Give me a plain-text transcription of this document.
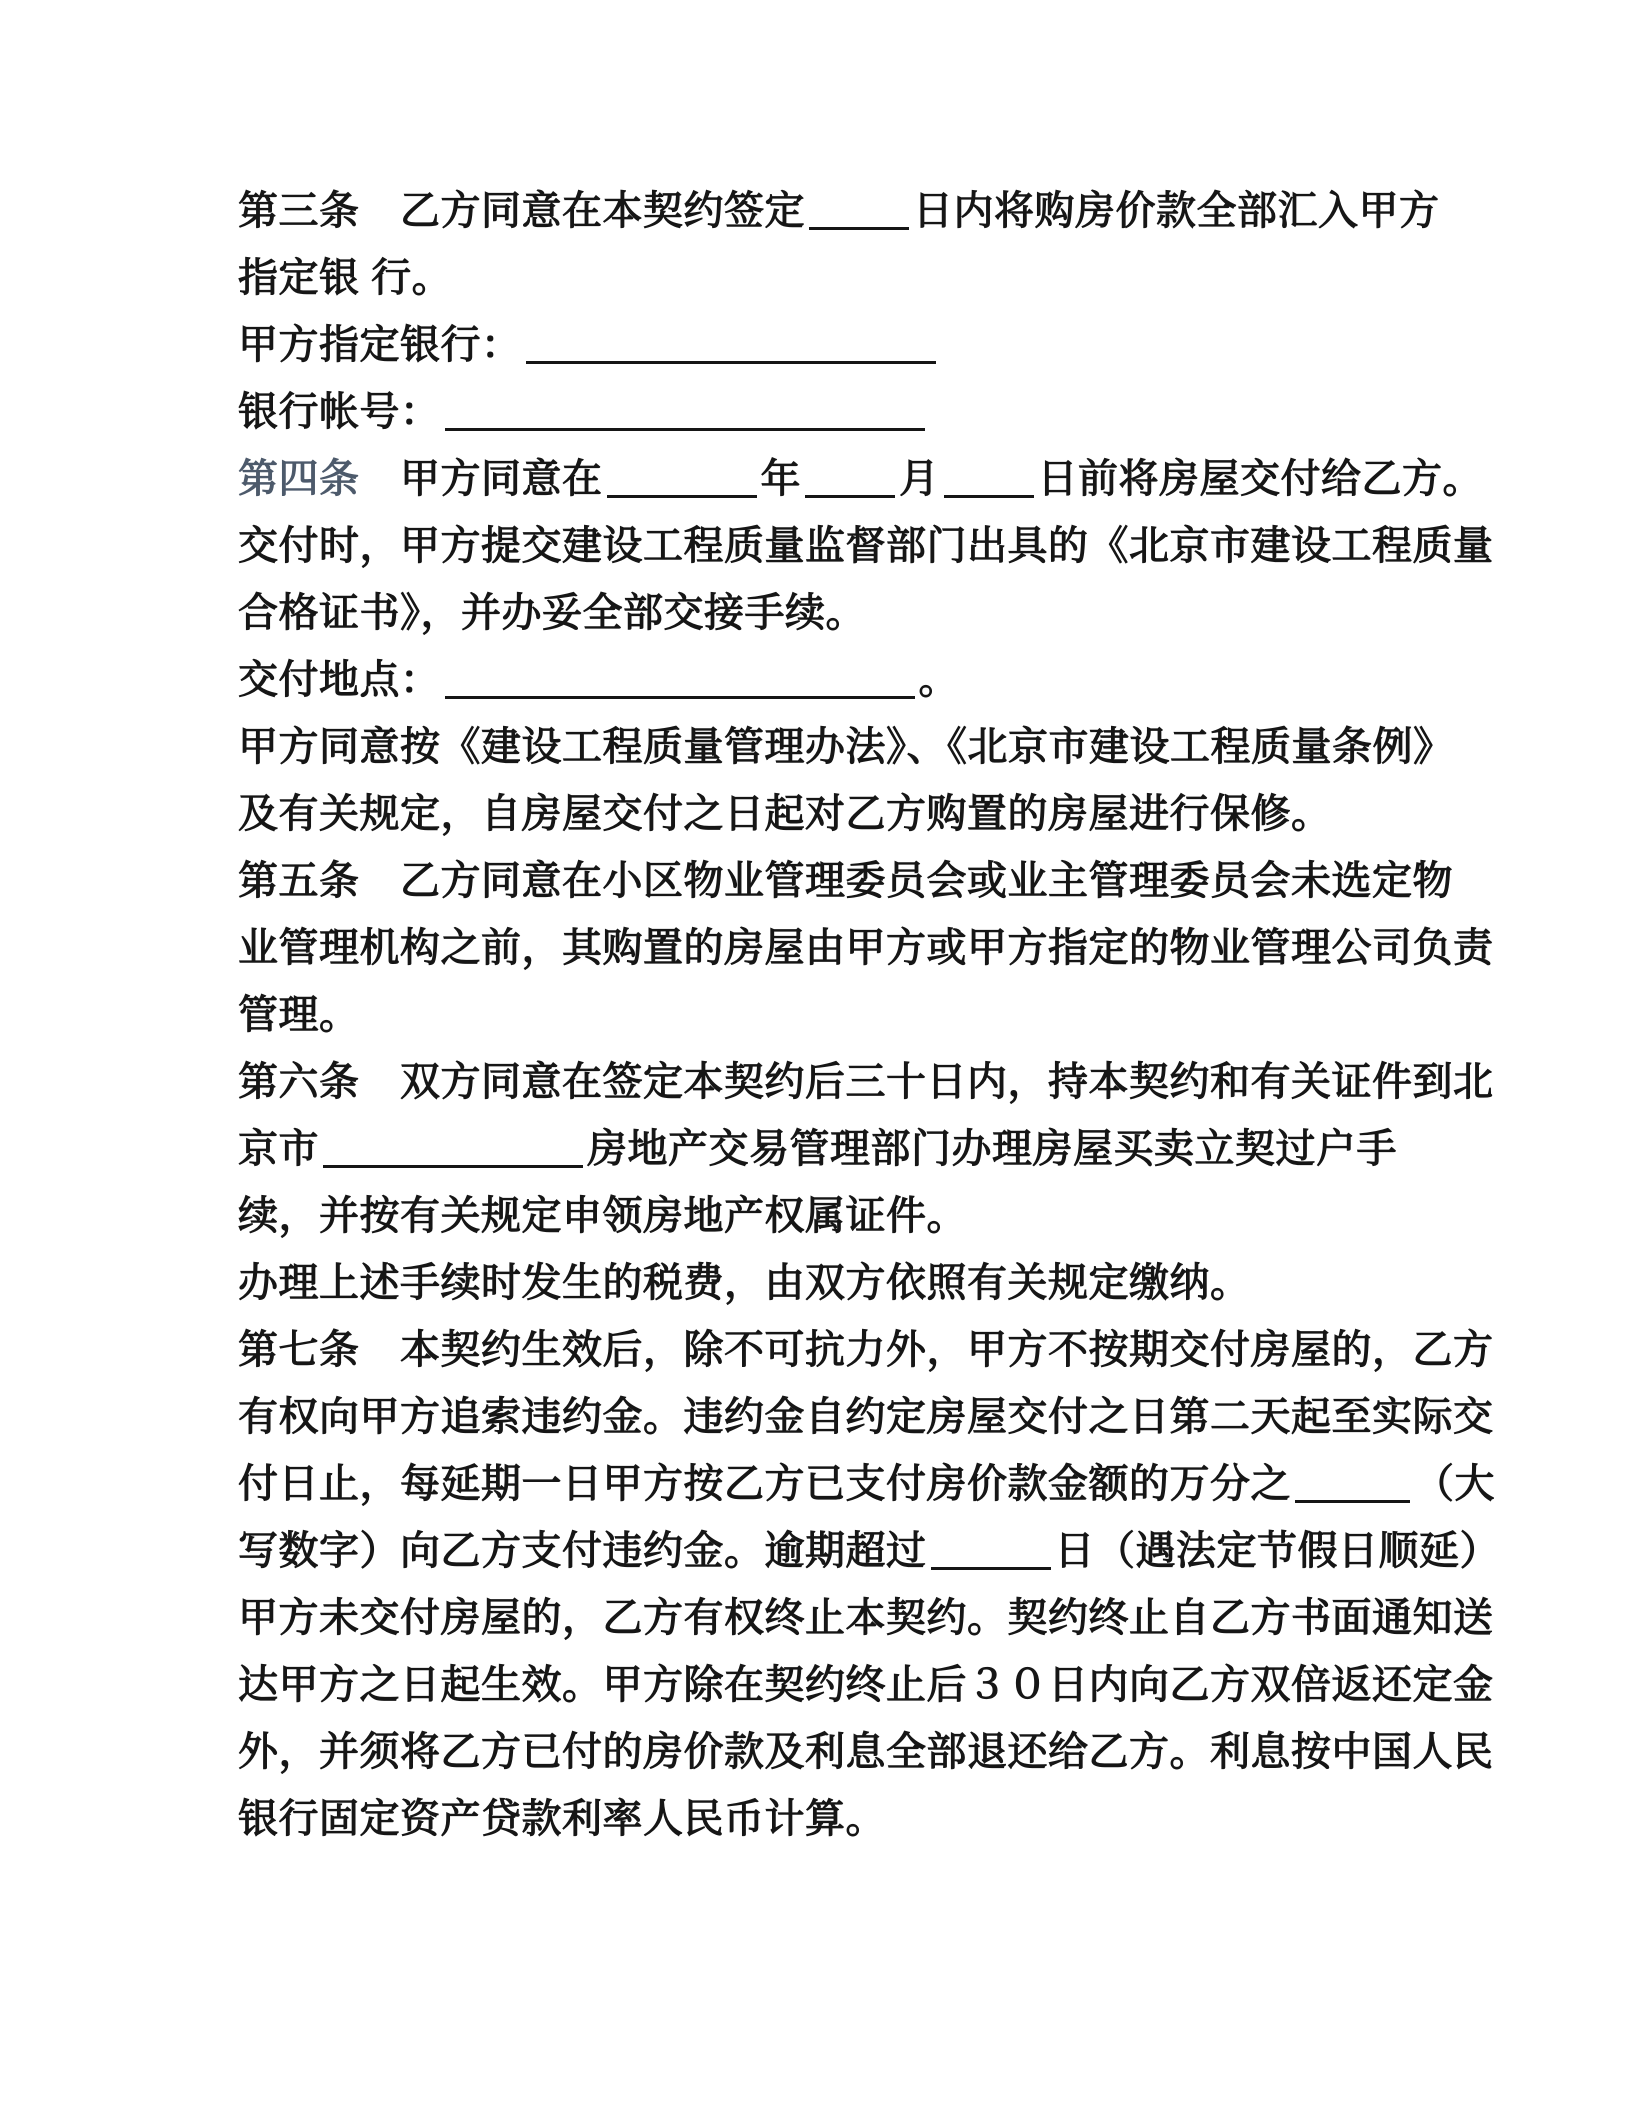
第三条　乙方同意在本契约签定	日内将购房价款全部汇入甲方
指定银 行。
甲方指定银行：
银行帐号：
第四条　甲方同意在	年 月 日前将房屋交付给乙方。
交付时，甲方提交建设工程质量监督部门出具的《北京市建设工程质量
合格证书》，并办妥全部交接手续。
交付地点：	。
甲方同意按《建设工程质量管理办法》、《北京市建设工程质量条例》
及有关规定，自房屋交付之日起对乙方购置的房屋进行保修。
第五条　乙方同意在小区物业管理委员会或业主管理委员会未选定物
业管理机构之前，其购置的房屋由甲方或甲方指定的物业管理公司负责
管理。
第六条　双方同意在签定本契约后三十日内，持本契约和有关证件到北
京市	房地产交易管理部门办理房屋买卖立契过户手
续，并按有关规定申领房地产权属证件。
办理上述手续时发生的税费，由双方依照有关规定缴纳。
第七条　本契约生效后，除不可抗力外，甲方不按期交付房屋的，乙方
有权向甲方追索违约金。违约金自约定房屋交付之日第二天起至实际交
付日止，每延期一日甲方按乙方已支付房价款金额的万分之	（大
写数字）向乙方支付违约金。逾期超过	日（遇法定节假日顺延）
甲方未交付房屋的，乙方有权终止本契约。契约终止自乙方书面通知送
达甲方之日起生效。甲方除在契约终止后３０日内向乙方双倍返还定金
外，并须将乙方已付的房价款及利息全部退还给乙方。利息按中国人民
银行固定资产贷款利率人民币计算。
